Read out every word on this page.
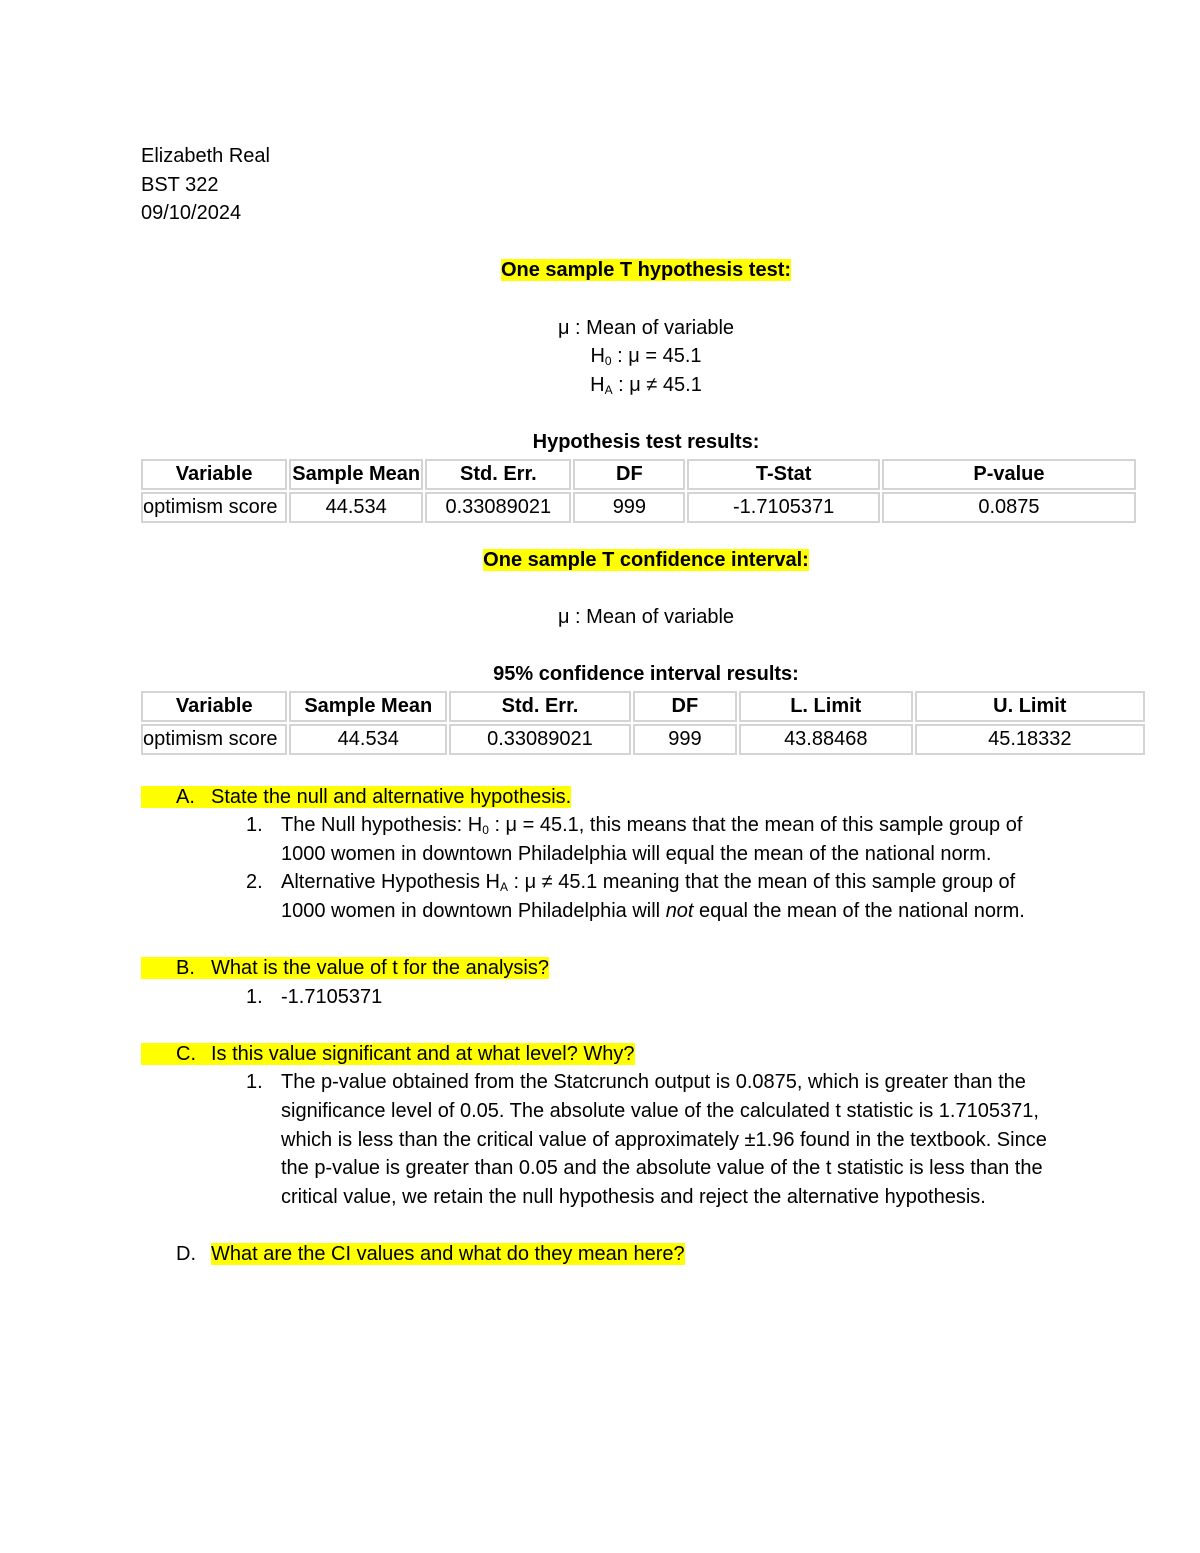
Elizabeth Real

BST 322

09/10/2024

One sample T hypothesis test:

μ : Mean of variable

$H_0$ : μ = 45.1

$H_A$ : μ ≠ 45.1

Hypothesis test results:

Variable	Sample Mean	Std. Err.	DF	T-Stat	P-value
optimism score	44.534	0.33089021	999	-1.7105371	0.0875

One sample T confidence interval:

μ : Mean of variable

95% confidence interval results:

Variable	Sample Mean	Std. Err.	DF	L. Limit	U. Limit
optimism score	44.534	0.33089021	999	43.88468	45.18332

A. State the null and alternative hypothesis.

1. The Null hypothesis: $H_0$ : μ = 45.1, this means that the mean of this sample group of 1000 women in downtown Philadelphia will equal the mean of the national norm.
2. Alternative Hypothesis $H_A$ : μ ≠ 45.1 meaning that the mean of this sample group of 1000 women in downtown Philadelphia will not equal the mean of the national norm.

B. What is the value of t for the analysis?

1. -1.7105371

C. Is this value significant and at what level? Why?

1. The p-value obtained from the Statcrunch output is 0.0875, which is greater than the significance level of 0.05. The absolute value of the calculated t statistic is 1.7105371, which is less than the critical value of approximately ±1.96 found in the textbook. Since the p-value is greater than 0.05 and the absolute value of the t statistic is less than the critical value, we retain the null hypothesis and reject the alternative hypothesis.

D. What are the CI values and what do they mean here?
